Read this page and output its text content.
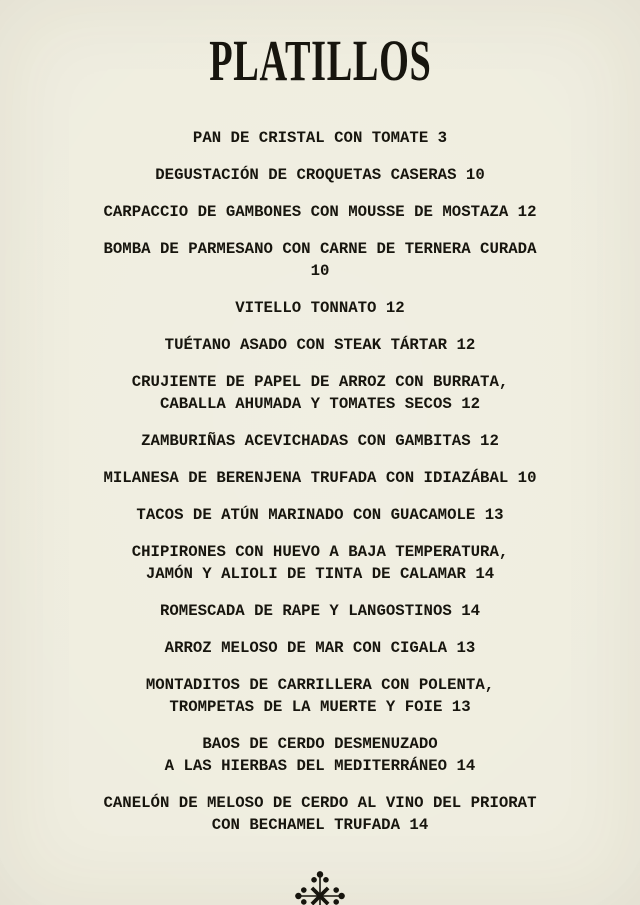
PLATILLOS

PAN DE CRISTAL CON TOMATE 3

DEGUSTACIÓN DE CROQUETAS CASERAS 10

CARPACCIO DE GAMBONES CON MOUSSE DE MOSTAZA 12

BOMBA DE PARMESANO CON CARNE DE TERNERA CURADA
10

VITELLO TONNATO 12

TUÉTANO ASADO CON STEAK TÁRTAR 12

CRUJIENTE DE PAPEL DE ARROZ CON BURRATA,
CABALLA AHUMADA Y TOMATES SECOS 12

ZAMBURIÑAS ACEVICHADAS CON GAMBITAS 12

MILANESA DE BERENJENA TRUFADA CON IDIAZÁBAL 10

TACOS DE ATÚN MARINADO CON GUACAMOLE 13

CHIPIRONES CON HUEVO A BAJA TEMPERATURA,
JAMÓN Y ALIOLI DE TINTA DE CALAMAR 14

ROMESCADA DE RAPE Y LANGOSTINOS 14

ARROZ MELOSO DE MAR CON CIGALA 13

MONTADITOS DE CARRILLERA CON POLENTA,
TROMPETAS DE LA MUERTE Y FOIE 13

BAOS DE CERDO DESMENUZADO
A LAS HIERBAS DEL MEDITERRÁNEO 14

CANELÓN DE MELOSO DE CERDO AL VINO DEL PRIORAT
CON BECHAMEL TRUFADA 14
